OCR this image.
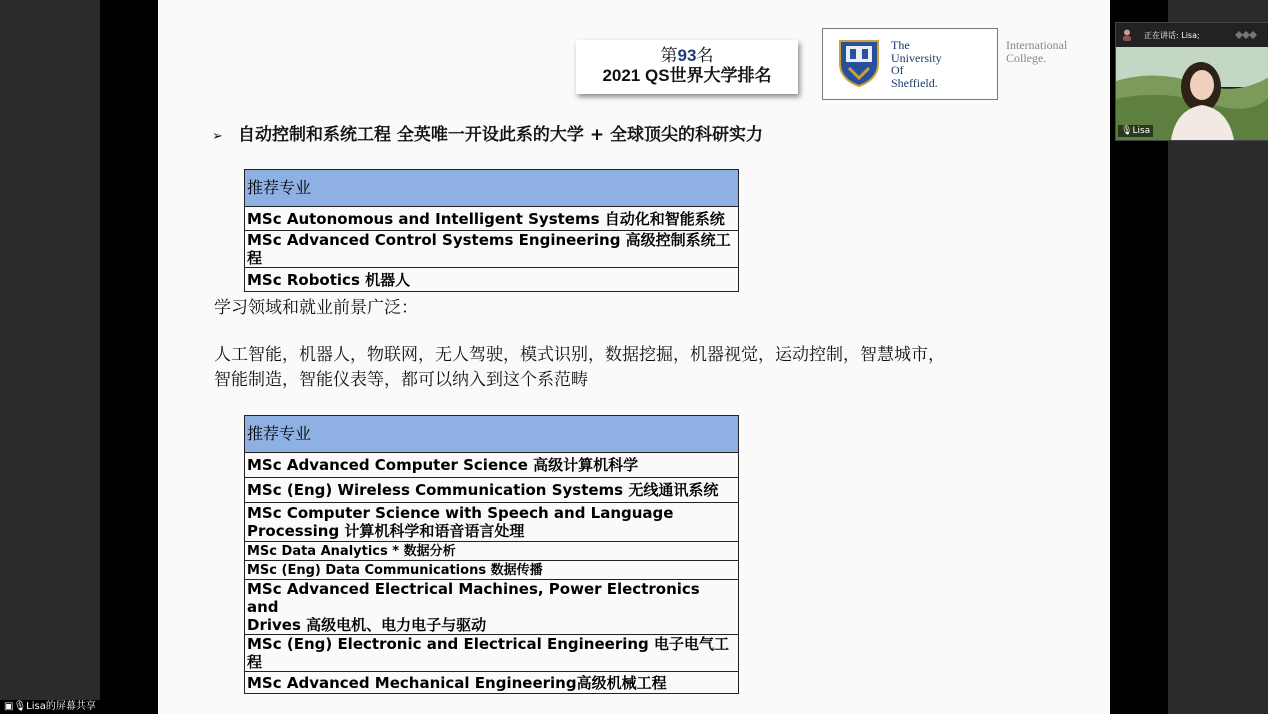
第93名
2021 QS世界大学排名
The
University
Of
Sheffield.
International
College.
➢ 自动控制和系统工程 全英唯一开设此系的大学 + 全球顶尖的科研实力
推荐专业
MSc Autonomous and Intelligent Systems 自动化和智能系统
MSc Advanced Control Systems Engineering 高级控制系统工程
MSc Robotics 机器人
学习领域和就业前景广泛：
人工智能，机器人，物联网，无人驾驶，模式识别，数据挖掘，机器视觉，运动控制，智慧城市，
智能制造，智能仪表等，都可以纳入到这个系范畴
推荐专业
MSc Advanced Computer Science 高级计算机科学
MSc (Eng) Wireless Communication Systems 无线通讯系统

MSc Computer Science with Speech and Language
Processing 计算机科学和语音语言处理

MSc Data Analytics * 数据分析
MSc (Eng) Data Communications 数据传播

MSc Advanced Electrical Machines, Power Electronics and
Drives 高级电机、电力电子与驱动

MSc (Eng) Electronic and Electrical Engineering 电子电气工程
MSc Advanced Mechanical Engineering高级机械工程
正在讲话: Lisa;
🎙Lisa
▣🎙Lisa的屏幕共享
